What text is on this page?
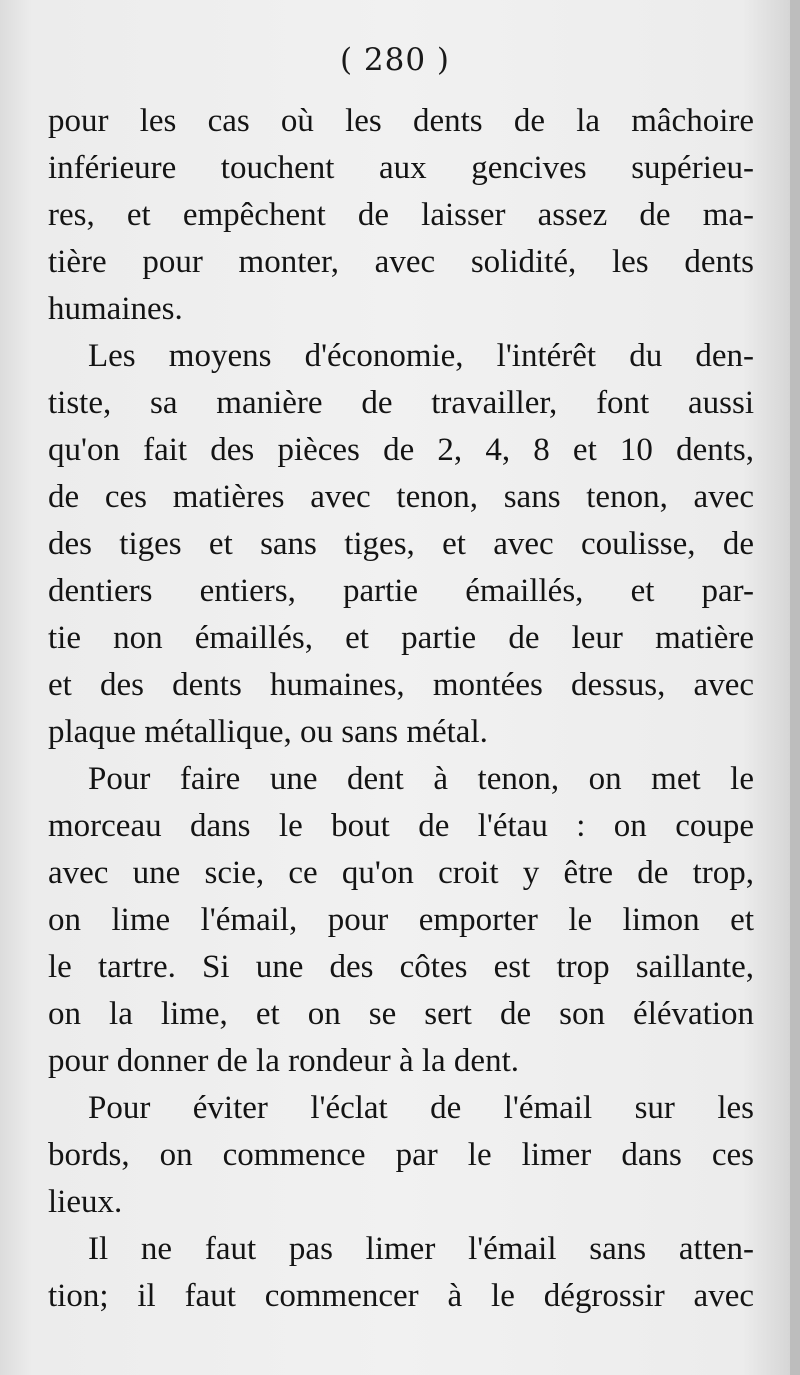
( 280 )
pour les cas où les dents de la mâchoire
inférieure touchent aux gencives supérieu-
res, et empêchent de laisser assez de ma-
tière pour monter, avec solidité, les dents
humaines.
Les moyens d'économie, l'intérêt du den-
tiste, sa manière de travailler, font aussi
qu'on fait des pièces de 2, 4, 8 et 10 dents,
de ces matières avec tenon, sans tenon, avec
des tiges et sans tiges, et avec coulisse, de
dentiers entiers, partie émaillés, et par-
tie non émaillés, et partie de leur matière
et des dents humaines, montées dessus, avec
plaque métallique, ou sans métal.
Pour faire une dent à tenon, on met le
morceau dans le bout de l'étau : on coupe
avec une scie, ce qu'on croit y être de trop,
on lime l'émail, pour emporter le limon et
le tartre. Si une des côtes est trop saillante,
on la lime, et on se sert de son élévation
pour donner de la rondeur à la dent.
Pour éviter l'éclat de l'émail sur les
bords, on commence par le limer dans ces
lieux.
Il ne faut pas limer l'émail sans atten-
tion; il faut commencer à le dégrossir avec
